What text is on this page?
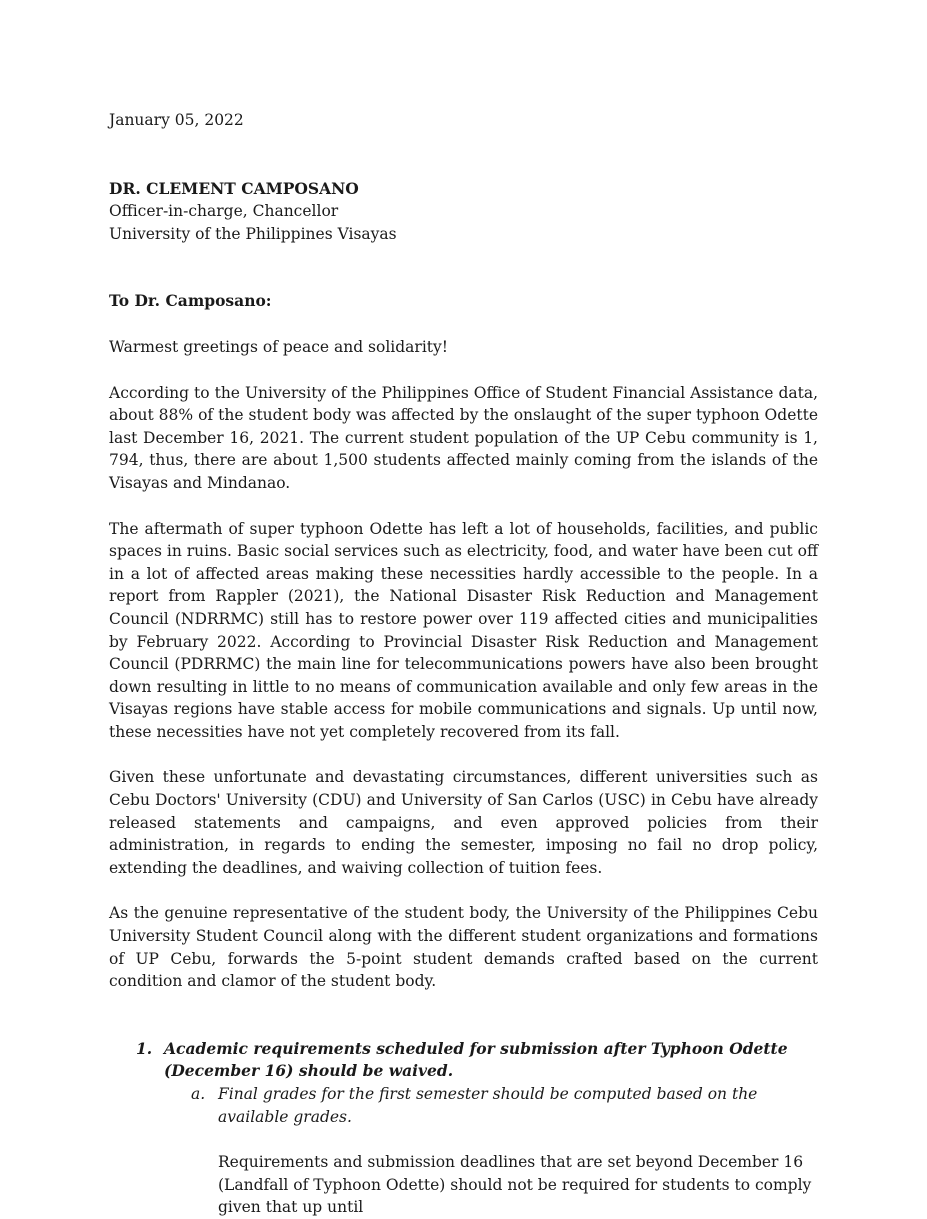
January 05, 2022

DR. CLEMENT CAMPOSANO

Officer-in-charge, Chancellor

University of the Philippines Visayas

To Dr. Camposano:

Warmest greetings of peace and solidarity!

According to the University of the Philippines Office of Student Financial Assistance data, about 88% of the student body was affected by the onslaught of the super typhoon Odette last December 16, 2021. The current student population of the UP Cebu community is 1, 794, thus, there are about 1,500 students affected mainly coming from the islands of the Visayas and Mindanao.

The aftermath of super typhoon Odette has left a lot of households, facilities, and public spaces in ruins. Basic social services such as electricity, food, and water have been cut off in a lot of affected areas making these necessities hardly accessible to the people. In a report from Rappler (2021), the National Disaster Risk Reduction and Management Council (NDRRMC) still has to restore power over 119 affected cities and municipalities by February 2022. According to Provincial Disaster Risk Reduction and Management Council (PDRRMC) the main line for telecommunications powers have also been brought down resulting in little to no means of communication available and only few areas in the Visayas regions have stable access for mobile communications and signals. Up until now, these necessities have not yet completely recovered from its fall.

Given these unfortunate and devastating circumstances, different universities such as Cebu Doctors' University (CDU) and University of San Carlos (USC) in Cebu have already released statements and campaigns, and even approved policies from their administration, in regards to ending the semester, imposing no fail no drop policy, extending the deadlines, and waiving collection of tuition fees.

As the genuine representative of the student body, the University of the Philippines Cebu University Student Council along with the different student organizations and formations of UP Cebu, forwards the 5-point student demands crafted based on the current condition and clamor of the student body.

1. Academic requirements scheduled for submission after Typhoon Odette (December 16) should be waived.
a. Final grades for the first semester should be computed based on the available grades.

Requirements and submission deadlines that are set beyond December 16 (Landfall of Typhoon Odette) should not be required for students to comply given that up until
